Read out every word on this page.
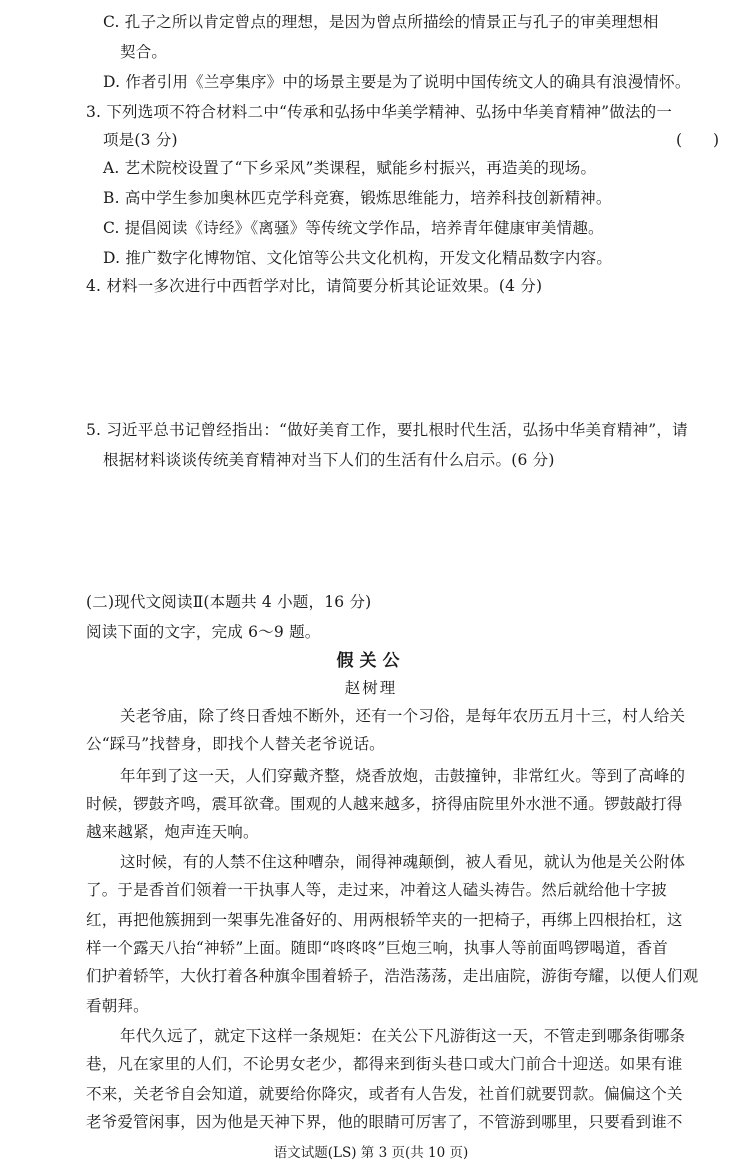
C. 孔子之所以肯定曾点的理想，是因为曾点所描绘的情景正与孔子的审美理想相
契合。
D. 作者引用《兰亭集序》中的场景主要是为了说明中国传统文人的确具有浪漫情怀。
3. 下列选项不符合材料二中“传承和弘扬中华美学精神、弘扬中华美育精神”做法的一
项是(3 分)	(　　)
A. 艺术院校设置了“下乡采风”类课程，赋能乡村振兴，再造美的现场。
B. 高中学生参加奥林匹克学科竞赛，锻炼思维能力，培养科技创新精神。
C. 提倡阅读《诗经》《离骚》等传统文学作品，培养青年健康审美情趣。
D. 推广数字化博物馆、文化馆等公共文化机构，开发文化精品数字内容。
4. 材料一多次进行中西哲学对比，请简要分析其论证效果。(4 分)
5. 习近平总书记曾经指出：“做好美育工作，要扎根时代生活，弘扬中华美育精神”，请
根据材料谈谈传统美育精神对当下人们的生活有什么启示。(6 分)
(二)现代文阅读Ⅱ(本题共 4 小题，16 分)
阅读下面的文字，完成 6～9 题。
假关公
赵树理
关老爷庙，除了终日香烛不断外，还有一个习俗，是每年农历五月十三，村人给关
公“踩马”找替身，即找个人替关老爷说话。
年年到了这一天，人们穿戴齐整，烧香放炮，击鼓撞钟，非常红火。等到了高峰的
时候，锣鼓齐鸣，震耳欲聋。围观的人越来越多，挤得庙院里外水泄不通。锣鼓敲打得
越来越紧，炮声连天响。
这时候，有的人禁不住这种嘈杂，闹得神魂颠倒，被人看见，就认为他是关公附体
了。于是香首们领着一干执事人等，走过来，冲着这人磕头祷告。然后就给他十字披
红，再把他簇拥到一架事先准备好的、用两根轿竿夹的一把椅子，再绑上四根抬杠，这
样一个露天八抬“神轿”上面。随即“咚咚咚”巨炮三响，执事人等前面鸣锣喝道，香首
们护着轿竿，大伙打着各种旗伞围着轿子，浩浩荡荡，走出庙院，游街夸耀，以便人们观
看朝拜。
年代久远了，就定下这样一条规矩：在关公下凡游街这一天，不管走到哪条街哪条
巷，凡在家里的人们，不论男女老少，都得来到街头巷口或大门前合十迎送。如果有谁
不来，关老爷自会知道，就要给你降灾，或者有人告发，社首们就要罚款。偏偏这个关
老爷爱管闲事，因为他是天神下界，他的眼睛可厉害了，不管游到哪里，只要看到谁不
语文试题(LS) 第 3 页(共 10 页)
